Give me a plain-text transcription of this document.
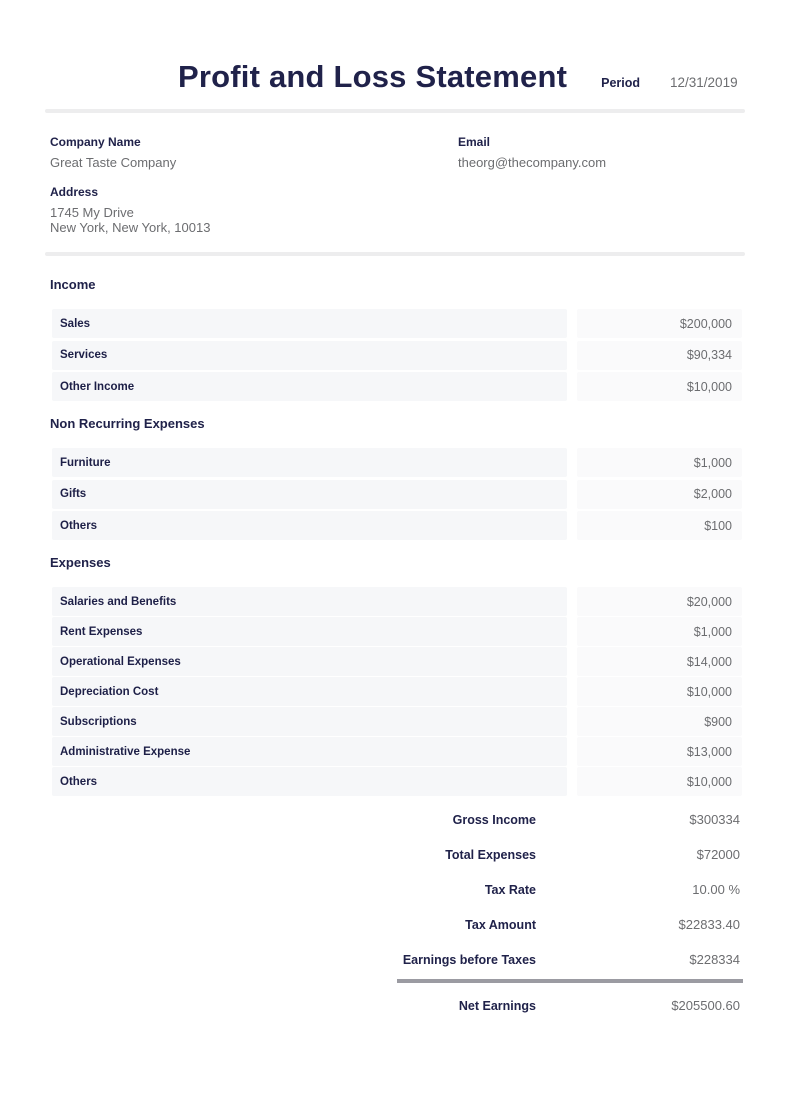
Profit and Loss Statement	Period 12/31/2019
Company Name
Great Taste Company
Email
theorg@thecompany.com
Address
1745 My Drive
New York, New York, 10013
Income
Sales	$200,000
Services	$90,334
Other Income	$10,000
Non Recurring Expenses
Furniture	$1,000
Gifts	$2,000
Others	$100
Expenses
Salaries and Benefits	$20,000
Rent Expenses	$1,000
Operational Expenses	$14,000
Depreciation Cost	$10,000
Subscriptions	$900
Administrative Expense	$13,000
Others	$10,000
Gross Income	$300334
Total Expenses	$72000
Tax Rate	10.00 %
Tax Amount	$22833.40
Earnings before Taxes	$228334
Net Earnings	$205500.60
